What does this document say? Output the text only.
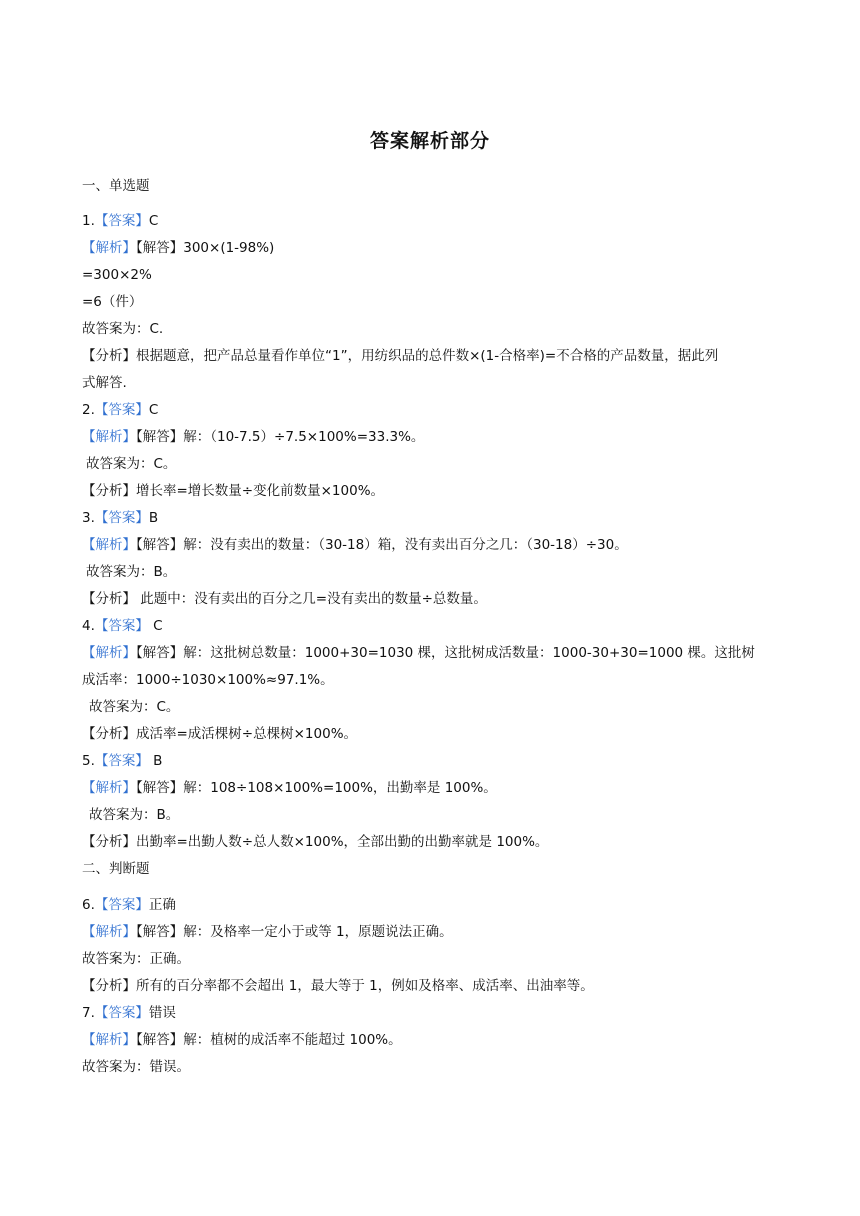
答案解析部分
一、单选题
1.【答案】C
【解析】【解答】300×(1-98%)
=300×2%
=6（件）
故答案为：C.
【分析】根据题意，把产品总量看作单位“1”，用纺织品的总件数×(1-合格率)=不合格的产品数量，据此列
式解答.
2.【答案】C
【解析】【解答】解：（10-7.5）÷7.5×100%=33.3%。
故答案为：C。
【分析】增长率=增长数量÷变化前数量×100%。
3.【答案】B
【解析】【解答】解：没有卖出的数量：（30-18）箱，没有卖出百分之几：（30-18）÷30。
故答案为：B。
【分析】 此题中：没有卖出的百分之几=没有卖出的数量÷总数量。
4.【答案】 C
【解析】【解答】解：这批树总数量：1000+30=1030 棵，这批树成活数量：1000-30+30=1000 棵。这批树
成活率：1000÷1030×100%≈97.1%。
故答案为：C。
【分析】成活率=成活棵树÷总棵树×100%。
5.【答案】 B
【解析】【解答】解：108÷108×100%=100%，出勤率是 100%。
故答案为：B。
【分析】出勤率=出勤人数÷总人数×100%，全部出勤的出勤率就是 100%。
二、判断题
6.【答案】正确
【解析】【解答】解：及格率一定小于或等 1，原题说法正确。
故答案为：正确。
【分析】所有的百分率都不会超出 1，最大等于 1，例如及格率、成活率、出油率等。
7.【答案】错误
【解析】【解答】解：植树的成活率不能超过 100%。
故答案为：错误。
